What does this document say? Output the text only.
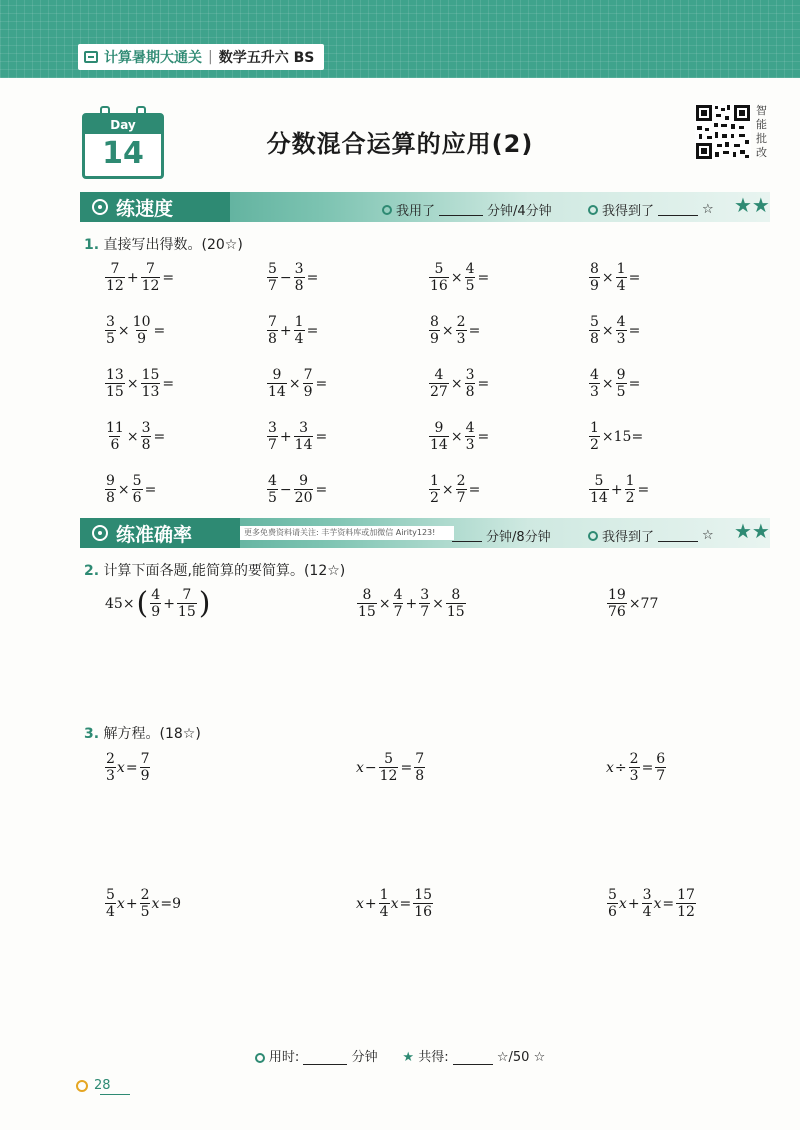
计算暑期大通关 | 数学五升六 BS
Day
14	分数混合运算的应用(2)
智能批改
练速度	我用了	分钟/4分钟	我得到了	☆ ★★
1. 直接写出得数。(20☆)
练准确率	更多免费资料请关注: 丰芋资料库或加微信 Airity123!	分钟/8分钟	我得到了	☆ ★★
2. 计算下面各题,能简算的要简算。(12☆)
3. 解方程。(18☆)
用时:	分钟 ★ 共得:	☆/50 ☆
28
$\frac{7}{12} + \frac{7}{12}$ =	$\frac{5}{7} - \frac{3}{8}$ =	$\frac{5}{16} \times \frac{4}{5}$ =	$\frac{8}{9} \times \frac{1}{4}$ =
$\frac{3}{5} \times \frac{10}{9}$ =	$\frac{7}{8} + \frac{1}{4}$ =	$\frac{8}{9} \times \frac{2}{3}$ =	$\frac{5}{8} \times \frac{4}{3}$ =
$\frac{13}{15} \times \frac{15}{13}$ =	$\frac{9}{14} \times \frac{7}{9}$ =	$\frac{4}{27} \times \frac{3}{8}$ =	$\frac{4}{3} \times \frac{9}{5}$ =
$\frac{11}{6} \times \frac{3}{8}$ =	$\frac{3}{7} + \frac{3}{14}$ =	$\frac{9}{14} \times \frac{4}{3}$ =	$\frac{1}{2} \times 15=$
$\frac{9}{8} \times \frac{5}{6}$ =	$\frac{4}{5} - \frac{9}{20}$ =	$\frac{1}{2} \times \frac{2}{7}$ =	$\frac{5}{14} + \frac{1}{2}$ =
45× ( $\frac{4}{9} + \frac{7}{15}$ )	$\frac{8}{15} \times \frac{4}{7} + \frac{3}{7} \times \frac{8}{15}$	$\frac{19}{76} \times 77$
$\frac{2}{3}$ $x = \frac{7}{9}$	$x - \frac{5}{12} = \frac{7}{8}$	$x \div \frac{2}{3} = \frac{6}{7}$
$\frac{5}{4}$ $x + \frac{2}{5}$ x =9	$x + \frac{1}{4}$ $x = \frac{15}{16}$	$\frac{5}{6}$ $x + \frac{3}{4}$ $x = \frac{17}{12}$
